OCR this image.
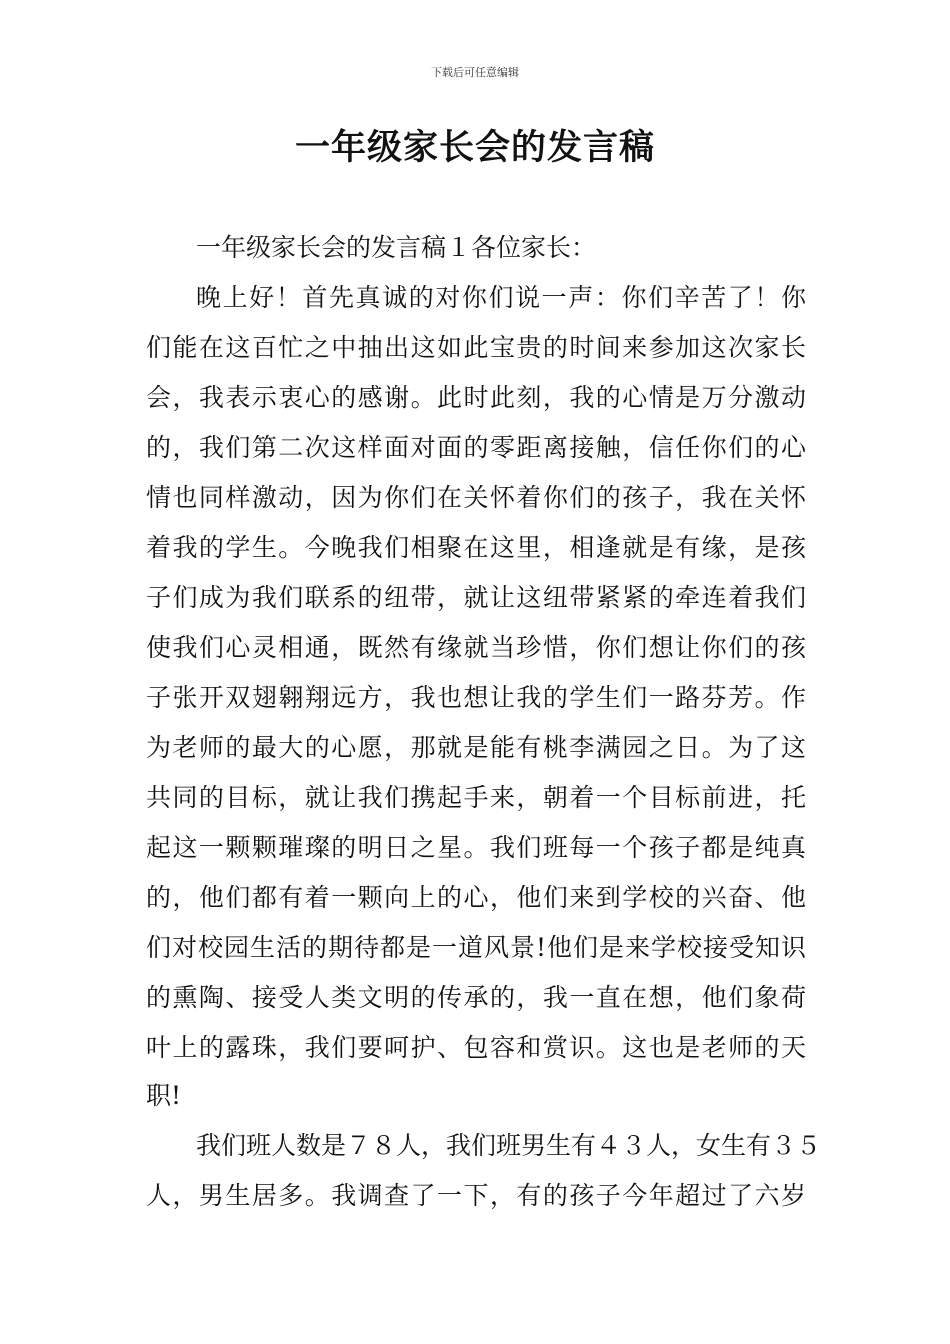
下载后可任意编辑
一年级家长会的发言稿
一年级家长会的发言稿１各位家长：
晚上好！首先真诚的对你们说一声：你们辛苦了！你
们能在这百忙之中抽出这如此宝贵的时间来参加这次家长
会，我表示衷心的感谢。此时此刻，我的心情是万分激动
的，我们第二次这样面对面的零距离接触，信任你们的心
情也同样激动，因为你们在关怀着你们的孩子，我在关怀
着我的学生。今晚我们相聚在这里，相逢就是有缘，是孩
子们成为我们联系的纽带，就让这纽带紧紧的牵连着我们
使我们心灵相通，既然有缘就当珍惜，你们想让你们的孩
子张开双翅翱翔远方，我也想让我的学生们一路芬芳。作
为老师的最大的心愿，那就是能有桃李满园之日。为了这
共同的目标，就让我们携起手来，朝着一个目标前进，托
起这一颗颗璀璨的明日之星。我们班每一个孩子都是纯真
的，他们都有着一颗向上的心，他们来到学校的兴奋、他
们对校园生活的期待都是一道风景!他们是来学校接受知识
的熏陶、接受人类文明的传承的，我一直在想，他们象荷
叶上的露珠，我们要呵护、包容和赏识。这也是老师的天
职!
我们班人数是７８人，我们班男生有４３人，女生有３５
人，男生居多。我调查了一下，有的孩子今年超过了六岁
